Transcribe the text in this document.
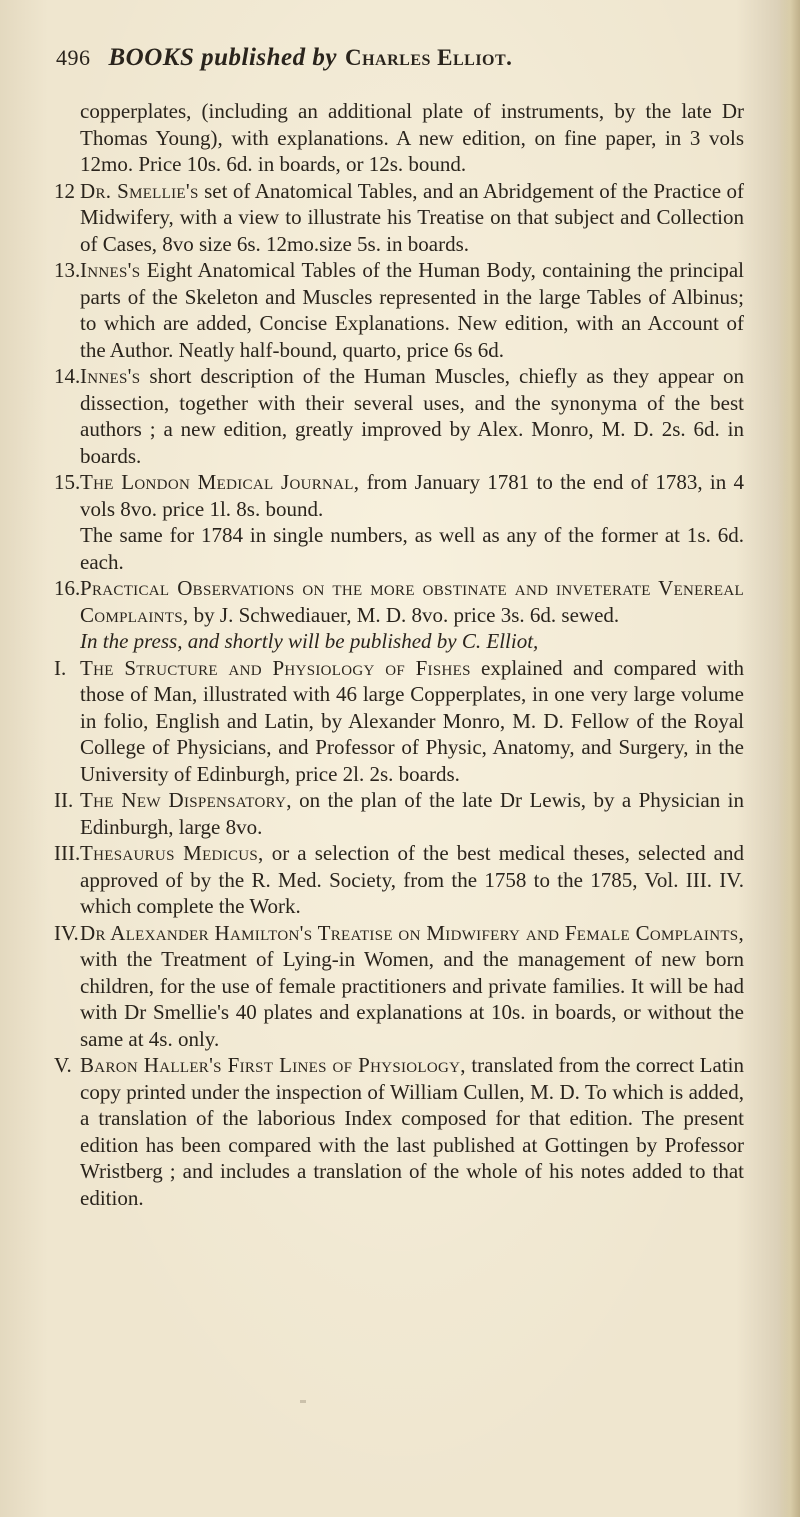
496 BOOKS published by Charles Elliot.

copperplates, (including an additional plate of instruments, by the late Dr Thomas Young), with explanations. A new edition, on fine paper, in 3 vols 12mo. Price 10s. 6d. in boards, or 12s. bound.

12 Dr. Smellie's set of Anatomical Tables, and an Abridgement of the Practice of Midwifery, with a view to illustrate his Treatise on that subject and Collection of Cases, 8vo size 6s. 12mo.size 5s. in boards.

13.Innes's Eight Anatomical Tables of the Human Body, containing the principal parts of the Skeleton and Muscles represented in the large Tables of Albinus; to which are added, Concise Explanations. New edition, with an Account of the Author. Neatly half-bound, quarto, price 6s 6d.

14.Innes's short description of the Human Muscles, chiefly as they appear on dissection, together with their several uses, and the synonyma of the best authors ; a new edition, greatly improved by Alex. Monro, M. D. 2s. 6d. in boards.

15.The London Medical Journal, from January 1781 to the end of 1783, in 4 vols 8vo. price 1l. 8s. bound.

The same for 1784 in single numbers, as well as any of the former at 1s. 6d. each.

16.Practical Observations on the more obstinate and inveterate Venereal Complaints, by J. Schwediauer, M. D. 8vo. price 3s. 6d. sewed.

In the press, and shortly will be published by C. Elliot,

I. The Structure and Physiology of Fishes explained and compared with those of Man, illustrated with 46 large Copperplates, in one very large volume in folio, English and Latin, by Alexander Monro, M. D. Fellow of the Royal College of Physicians, and Professor of Physic, Anatomy, and Surgery, in the University of Edinburgh, price 2l. 2s. boards.

II. The New Dispensatory, on the plan of the late Dr Lewis, by a Physician in Edinburgh, large 8vo.

III.Thesaurus Medicus, or a selection of the best medical theses, selected and approved of by the R. Med. Society, from the 1758 to the 1785, Vol. III. IV. which complete the Work.

IV.Dr Alexander Hamilton's Treatise on Midwifery and Female Complaints, with the Treatment of Lying-in Women, and the management of new born children, for the use of female practitioners and private families. It will be had with Dr Smellie's 40 plates and explanations at 10s. in boards, or without the same at 4s. only.

V. Baron Haller's First Lines of Physiology, translated from the correct Latin copy printed under the inspection of William Cullen, M. D. To which is added, a translation of the laborious Index composed for that edition. The present edition has been compared with the last published at Gottingen by Professor Wristberg ; and includes a translation of the whole of his notes added to that edition.
